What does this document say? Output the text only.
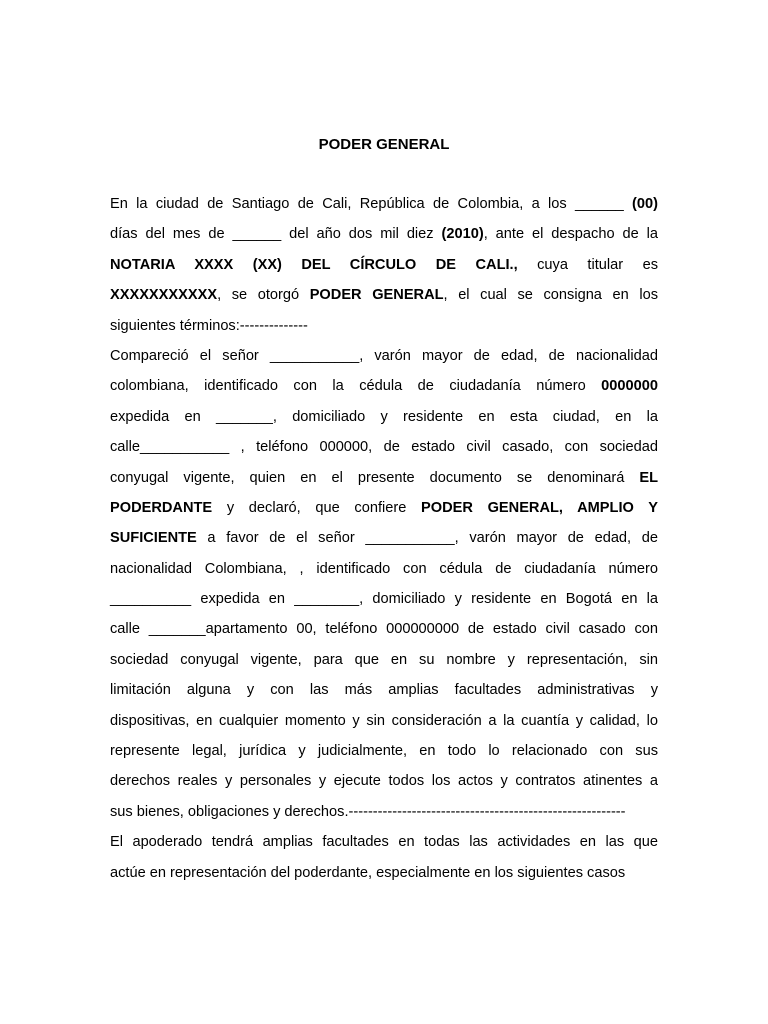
PODER GENERAL
En la ciudad de Santiago de Cali, República de Colombia, a los ______ (00)
días del mes de ______ del año dos mil diez (2010), ante el despacho de la
NOTARIA XXXX (XX) DEL CÍRCULO DE CALI., cuya titular es
XXXXXXXXXXX, se otorgó PODER GENERAL, el cual se consigna en los
siguientes términos:--------------
Compareció el señor ___________, varón mayor de edad, de nacionalidad
colombiana, identificado con la cédula de ciudadanía número 0000000
expedida en _______, domiciliado y residente en esta ciudad, en la
calle___________ , teléfono 000000, de estado civil casado, con sociedad
conyugal vigente, quien en el presente documento se denominará EL
PODERDANTE y declaró, que confiere PODER GENERAL, AMPLIO Y
SUFICIENTE a favor de el señor ___________, varón mayor de edad, de
nacionalidad Colombiana, , identificado con cédula de ciudadanía número
__________ expedida en ________, domiciliado y residente en Bogotá en la
calle _______apartamento 00, teléfono 000000000 de estado civil casado con
sociedad conyugal vigente, para que en su nombre y representación, sin
limitación alguna y con las más amplias facultades administrativas y
dispositivas, en cualquier momento y sin consideración a la cuantía y calidad, lo
represente legal, jurídica y judicialmente, en todo lo relacionado con sus
derechos reales y personales y ejecute todos los actos y contratos atinentes a
sus bienes, obligaciones y derechos.---------------------------------------------------------
El apoderado tendrá amplias facultades en todas las actividades en las que
actúe en representación del poderdante, especialmente en los siguientes casos
